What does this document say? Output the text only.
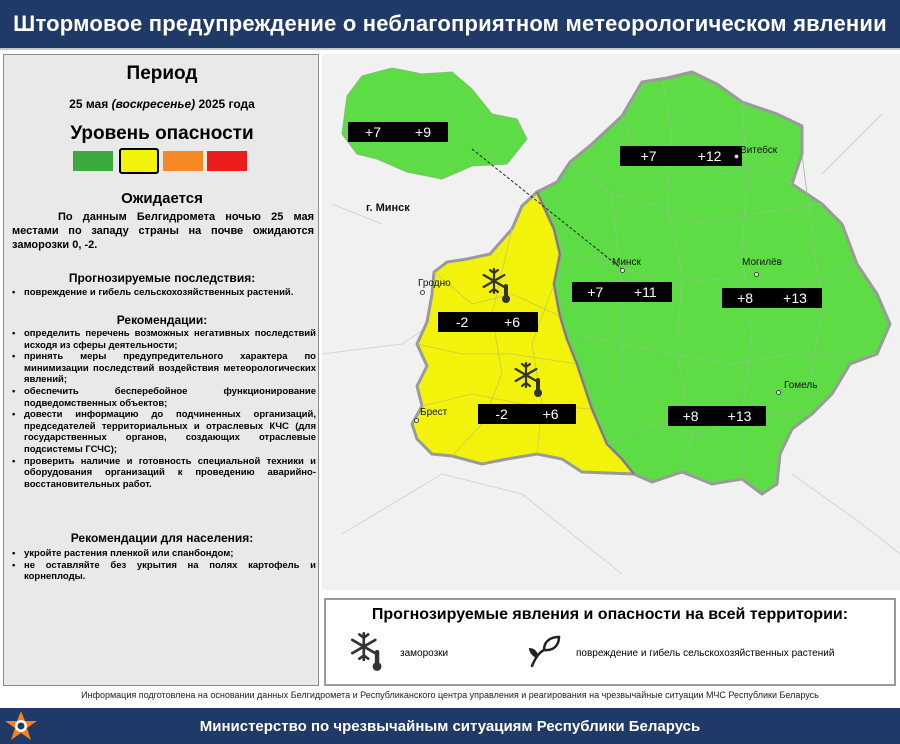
Штормовое предупреждение о неблагоприятном метеорологическом явлении
Период
25 мая (воскресенье) 2025 года
Уровень опасности
Ожидается
По данным Белгидромета ночью 25 мая местами по западу страны на почве ожидаются заморозки 0, -2.
Прогнозируемые последствия:
• повреждение и гибель сельскохозяйственных растений.
Рекомендации:
• определить перечень возможных негативных последствий исходя из сферы деятельности;
• принять меры предупредительного характера по минимизации последствий воздействия метеорологических явлений;
• обеспечить бесперебойное функционирование подведомственных объектов;
• довести информацию до подчиненных организаций, председателей территориальных и отраслевых КЧС (для государственных органов, создающих отраслевые подсистемы ГСЧС);
• проверить наличие и готовность специальной техники и оборудования организаций к проведению аварийно-восстановительных работ.
Рекомендации для населения:
• укройте растения пленкой или спанбондом;
• не оставляйте без укрытия на полях картофель и корнеплоды.
+7 +9
+7	+12
+7 +11	+8 +13
-2	+6
-2 +6	+8 +13
г. Минск
Витебск
Минск
Гродно
Могилёв
Брест
Гомель
Прогнозируемые явления и опасности на всей территории:
заморозки	повреждение и гибель сельскохозяйственных растений
Информация подготовлена на основании данных Белгидромета и Республиканского центра управления и реагирования на чрезвычайные ситуации МЧС Республики Беларусь
Министерство по чрезвычайным ситуациям Республики Беларусь
